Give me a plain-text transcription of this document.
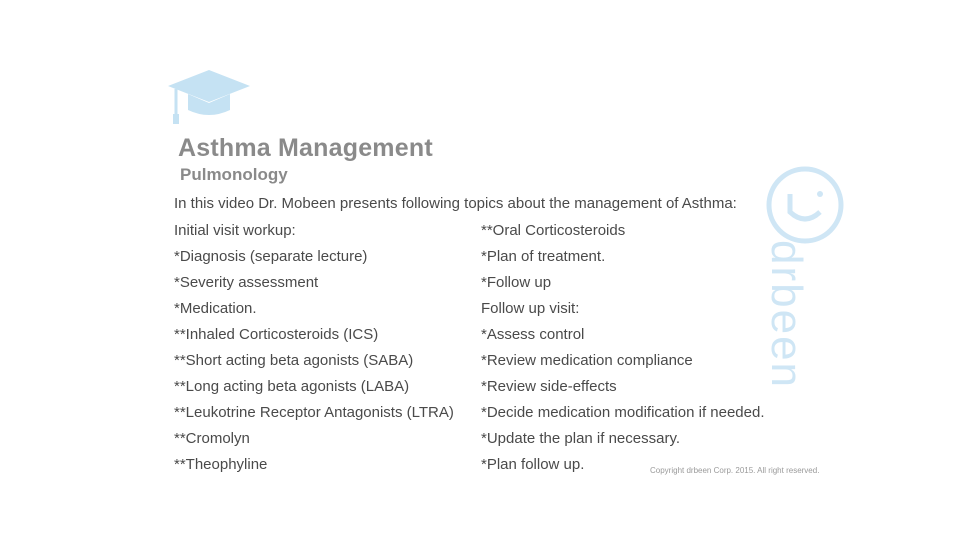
Asthma Management
Pulmonology
In this video Dr. Mobeen presents following topics about the management of Asthma:
Initial visit workup:
*Diagnosis (separate lecture)
*Severity assessment
*Medication.
**Inhaled Corticosteroids (ICS)
**Short acting beta agonists (SABA)
**Long acting beta agonists (LABA)
**Leukotrine Receptor Antagonists (LTRA)
**Cromolyn
**Theophyline
**Oral Corticosteroids
*Plan of treatment.
*Follow up
Follow up visit:
*Assess control
*Review medication compliance
*Review side-effects
*Decide medication modification if needed.
*Update the plan if necessary.
*Plan follow up.
drbeen
Copyright drbeen Corp. 2015. All right reserved.
